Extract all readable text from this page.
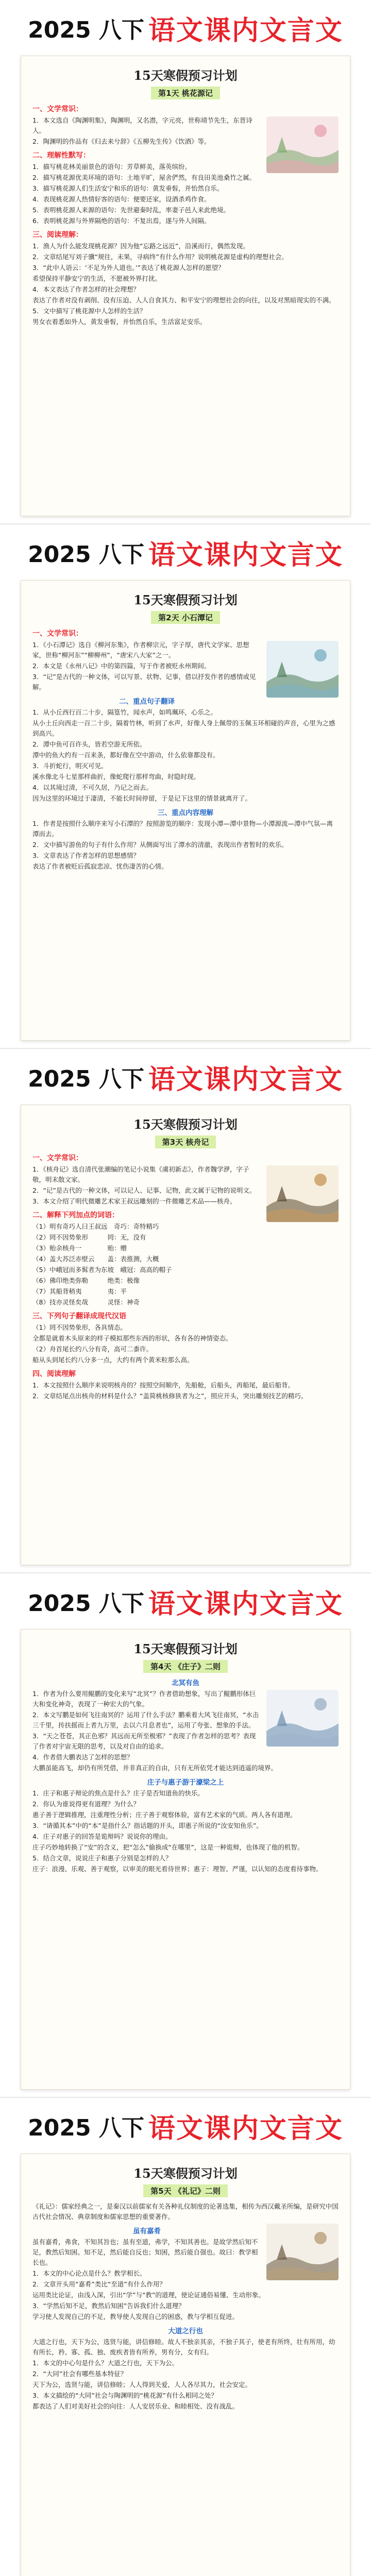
2025 八下 语文课内文言文
15天寒假预习计划
第1天 桃花源记
一、文学常识：

1．本文选自《陶渊明集》，陶渊明，又名潜，字元亮，世称靖节先生，东晋诗人。

2．陶渊明的作品有《归去来兮辞》《五柳先生传》《饮酒》等。

二、理解性默写：

1．描写桃花林美丽景色的语句：芳草鲜美，落英缤纷。

2．描写桃花源优美环境的语句：土地平旷，屋舍俨然，有良田美池桑竹之属。

3．描写桃花源人们生活安宁和乐的语句：黄发垂髫，并怡然自乐。

4．表现桃花源人热情好客的语句：便要还家，设酒杀鸡作食。

5．表明桃花源人来源的语句：先世避秦时乱，率妻子邑人来此绝境。

6．表明桃花源与外界隔绝的语句：不复出焉，遂与外人间隔。

三、阅读理解：

1．渔人为什么能发现桃花源？因为他“忘路之远近”，沿溪而行，偶然发现。

2．文章结尾写刘子骥“规往，未果，寻病终”有什么作用？说明桃花源是虚构的理想社会。

3．“此中人语云：‘不足为外人道也。’”表达了桃花源人怎样的愿望？

希望保持平静安宁的生活，不愿被外界打扰。

4．本文表达了作者怎样的社会理想？

表达了作者对没有剥削、没有压迫、人人自食其力、和平安宁的理想社会的向往，以及对黑暗现实的不满。

5．文中描写了桃花源中人怎样的生活？

男女衣着悉如外人，黄发垂髫，并怡然自乐，生活富足安乐。

2025 八下 语文课内文言文
15天寒假预习计划
第2天 小石潭记
一、文学常识：

1．《小石潭记》选自《柳河东集》，作者柳宗元，字子厚，唐代文学家、思想家，世称“柳河东”“柳柳州”，“唐宋八大家”之一。

2．本文是《永州八记》中的第四篇，写于作者被贬永州期间。

3．“记”是古代的一种文体，可以写景、状物、记事，借以抒发作者的感情或见解。

二、重点句子翻译

1．从小丘西行百二十步，隔篁竹，闻水声，如鸣珮环，心乐之。

从小土丘向西走一百二十步，隔着竹林，听到了水声，好像人身上佩带的玉佩玉环相碰的声音，心里为之感到高兴。

2．潭中鱼可百许头，皆若空游无所依。

潭中的鱼大约有一百来条，都好像在空中游动，什么依靠都没有。

3．斗折蛇行，明灭可见。

溪水像北斗七星那样曲折，像蛇爬行那样弯曲，时隐时现。

4．以其境过清，不可久居，乃记之而去。

因为这里的环境过于凄清，不能长时间停留，于是记下这里的情景就离开了。

三、重点内容理解

1．作者是按照什么顺序来写小石潭的？按照游览的顺序：发现小潭—潭中景物—小潭源流—潭中气氛—离潭而去。

2．文中描写游鱼的句子有什么作用？从侧面写出了潭水的清澈，表现出作者暂时的欢乐。

3．文章表达了作者怎样的思想感情？

表达了作者被贬后孤寂悲凉、忧伤凄苦的心情。

2025 八下 语文课内文言文
15天寒假预习计划
第3天 核舟记
一、文学常识：

1．《核舟记》选自清代张潮编的笔记小说集《虞初新志》，作者魏学洢，字子敬，明末散文家。

2．“记”是古代的一种文体，可以记人、记事、记物，此文属于记物的说明文。

3．本文介绍了明代微雕艺术家王叔远雕刻的一件微雕艺术品——核舟。

二、解释下列加点的词语：

（1）明有奇巧人曰王叔远　奇巧：奇特精巧

（2）罔不因势象形　　　罔：无，没有

（3）贻余核舟一　　　　贻：赠

（4）盖大苏泛赤壁云　　盖：表推测，大概

（5）中峨冠而多髯者为东坡　峨冠：高高的帽子

（6）佛印绝类弥勒　　　绝类：极像

（7）其船背稍夷　　　　夷：平

（8）技亦灵怪矣哉　　　灵怪：神奇

三、下列句子翻译成现代汉语

（1）罔不因势象形，各具情态。

全都是就着木头原来的样子模拟那些东西的形状，各有各的神情姿态。

（2）舟首尾长约八分有奇，高可二黍许。

船从头到尾长约八分多一点，大约有两个黄米粒那么高。

四、阅读理解

1．本文按照什么顺序来说明核舟的？按照空间顺序，先船舱，后船头，再船尾，最后船背。

2．文章结尾点出核舟的材料是什么？“盖简桃核修狭者为之”，照应开头，突出雕刻技艺的精巧。

2025 八下 语文课内文言文
15天寒假预习计划
第4天 《庄子》二则
北冥有鱼

1．作者为什么要用鲲鹏的变化来写“北冥”？作者借助想象，写出了鲲鹏形体巨大和变化神奇，表现了一种宏大的气象。

2．本文写鹏是如何飞往南冥的？运用了什么手法？鹏乘着大风飞往南冥，“水击三千里，抟扶摇而上者九万里，去以六月息者也”，运用了夸张、想象的手法。

3．“天之苍苍，其正色邪？其远而无所至极邪？”表现了作者怎样的思考？表现了作者对宇宙无限的思考，以及对自由的追求。

4．作者借大鹏表达了怎样的思想？

大鹏虽能高飞，却仍有所凭借，并非真正的自由，只有无所依凭才能达到逍遥的境界。

庄子与惠子游于濠梁之上

1．庄子和惠子辩论的焦点是什么？庄子是否知道鱼的快乐。

2．你认为谁说得更有道理？为什么？

惠子善于逻辑推理，注重理性分析；庄子善于观察体验，富有艺术家的气质。两人各有道理。

3．“请循其本”中的“本”是指什么？指话题的开头，即惠子所说的“汝安知鱼乐”。

4．庄子对惠子的回答是诡辩吗？说说你的理由。

庄子巧妙地转换了“安”的含义，把“怎么”偷换成“在哪里”，这是一种诡辩，也体现了他的机智。

5．结合文章，说说庄子和惠子分别是怎样的人？

庄子：浪漫、乐观、善于观察，以审美的眼光看待世界；惠子：理智、严谨，以认知的态度看待事物。

2025 八下 语文课内文言文
15天寒假预习计划
第5天 《礼记》二则

《礼记》：儒家经典之一，是秦汉以前儒家有关各种礼仪制度的论著选集，相传为西汉戴圣所编，是研究中国古代社会情况、典章制度和儒家思想的重要著作。

虽有嘉肴

虽有嘉肴，弗食，不知其旨也；虽有至道，弗学，不知其善也。是故学然后知不足，教然后知困。知不足，然后能自反也；知困，然后能自强也。故曰：教学相长也。

1．本文的中心论点是什么？教学相长。

2．文章开头用“嘉肴”类比“至道”有什么作用？

运用类比论证，由浅入深，引出“学”与“教”的道理，使论证通俗易懂、生动形象。

3．“学然后知不足，教然后知困”告诉我们什么道理？

学习使人发现自己的不足，教导使人发现自己的困惑，教与学相互促进。

大道之行也

大道之行也，天下为公，选贤与能，讲信修睦。故人不独亲其亲，不独子其子，使老有所终，壮有所用，幼有所长，矜、寡、孤、独、废疾者皆有所养，男有分，女有归。

1．本文的中心句是什么？大道之行也，天下为公。

2．“大同”社会有哪些基本特征？

天下为公，选贤与能，讲信修睦；人人得到关爱，人人各尽其力，社会安定。

3．本文描绘的“大同”社会与陶渊明的“桃花源”有什么相同之处？

都表达了人们对美好社会的向往：人人安居乐业、和睦相处、没有战乱。
